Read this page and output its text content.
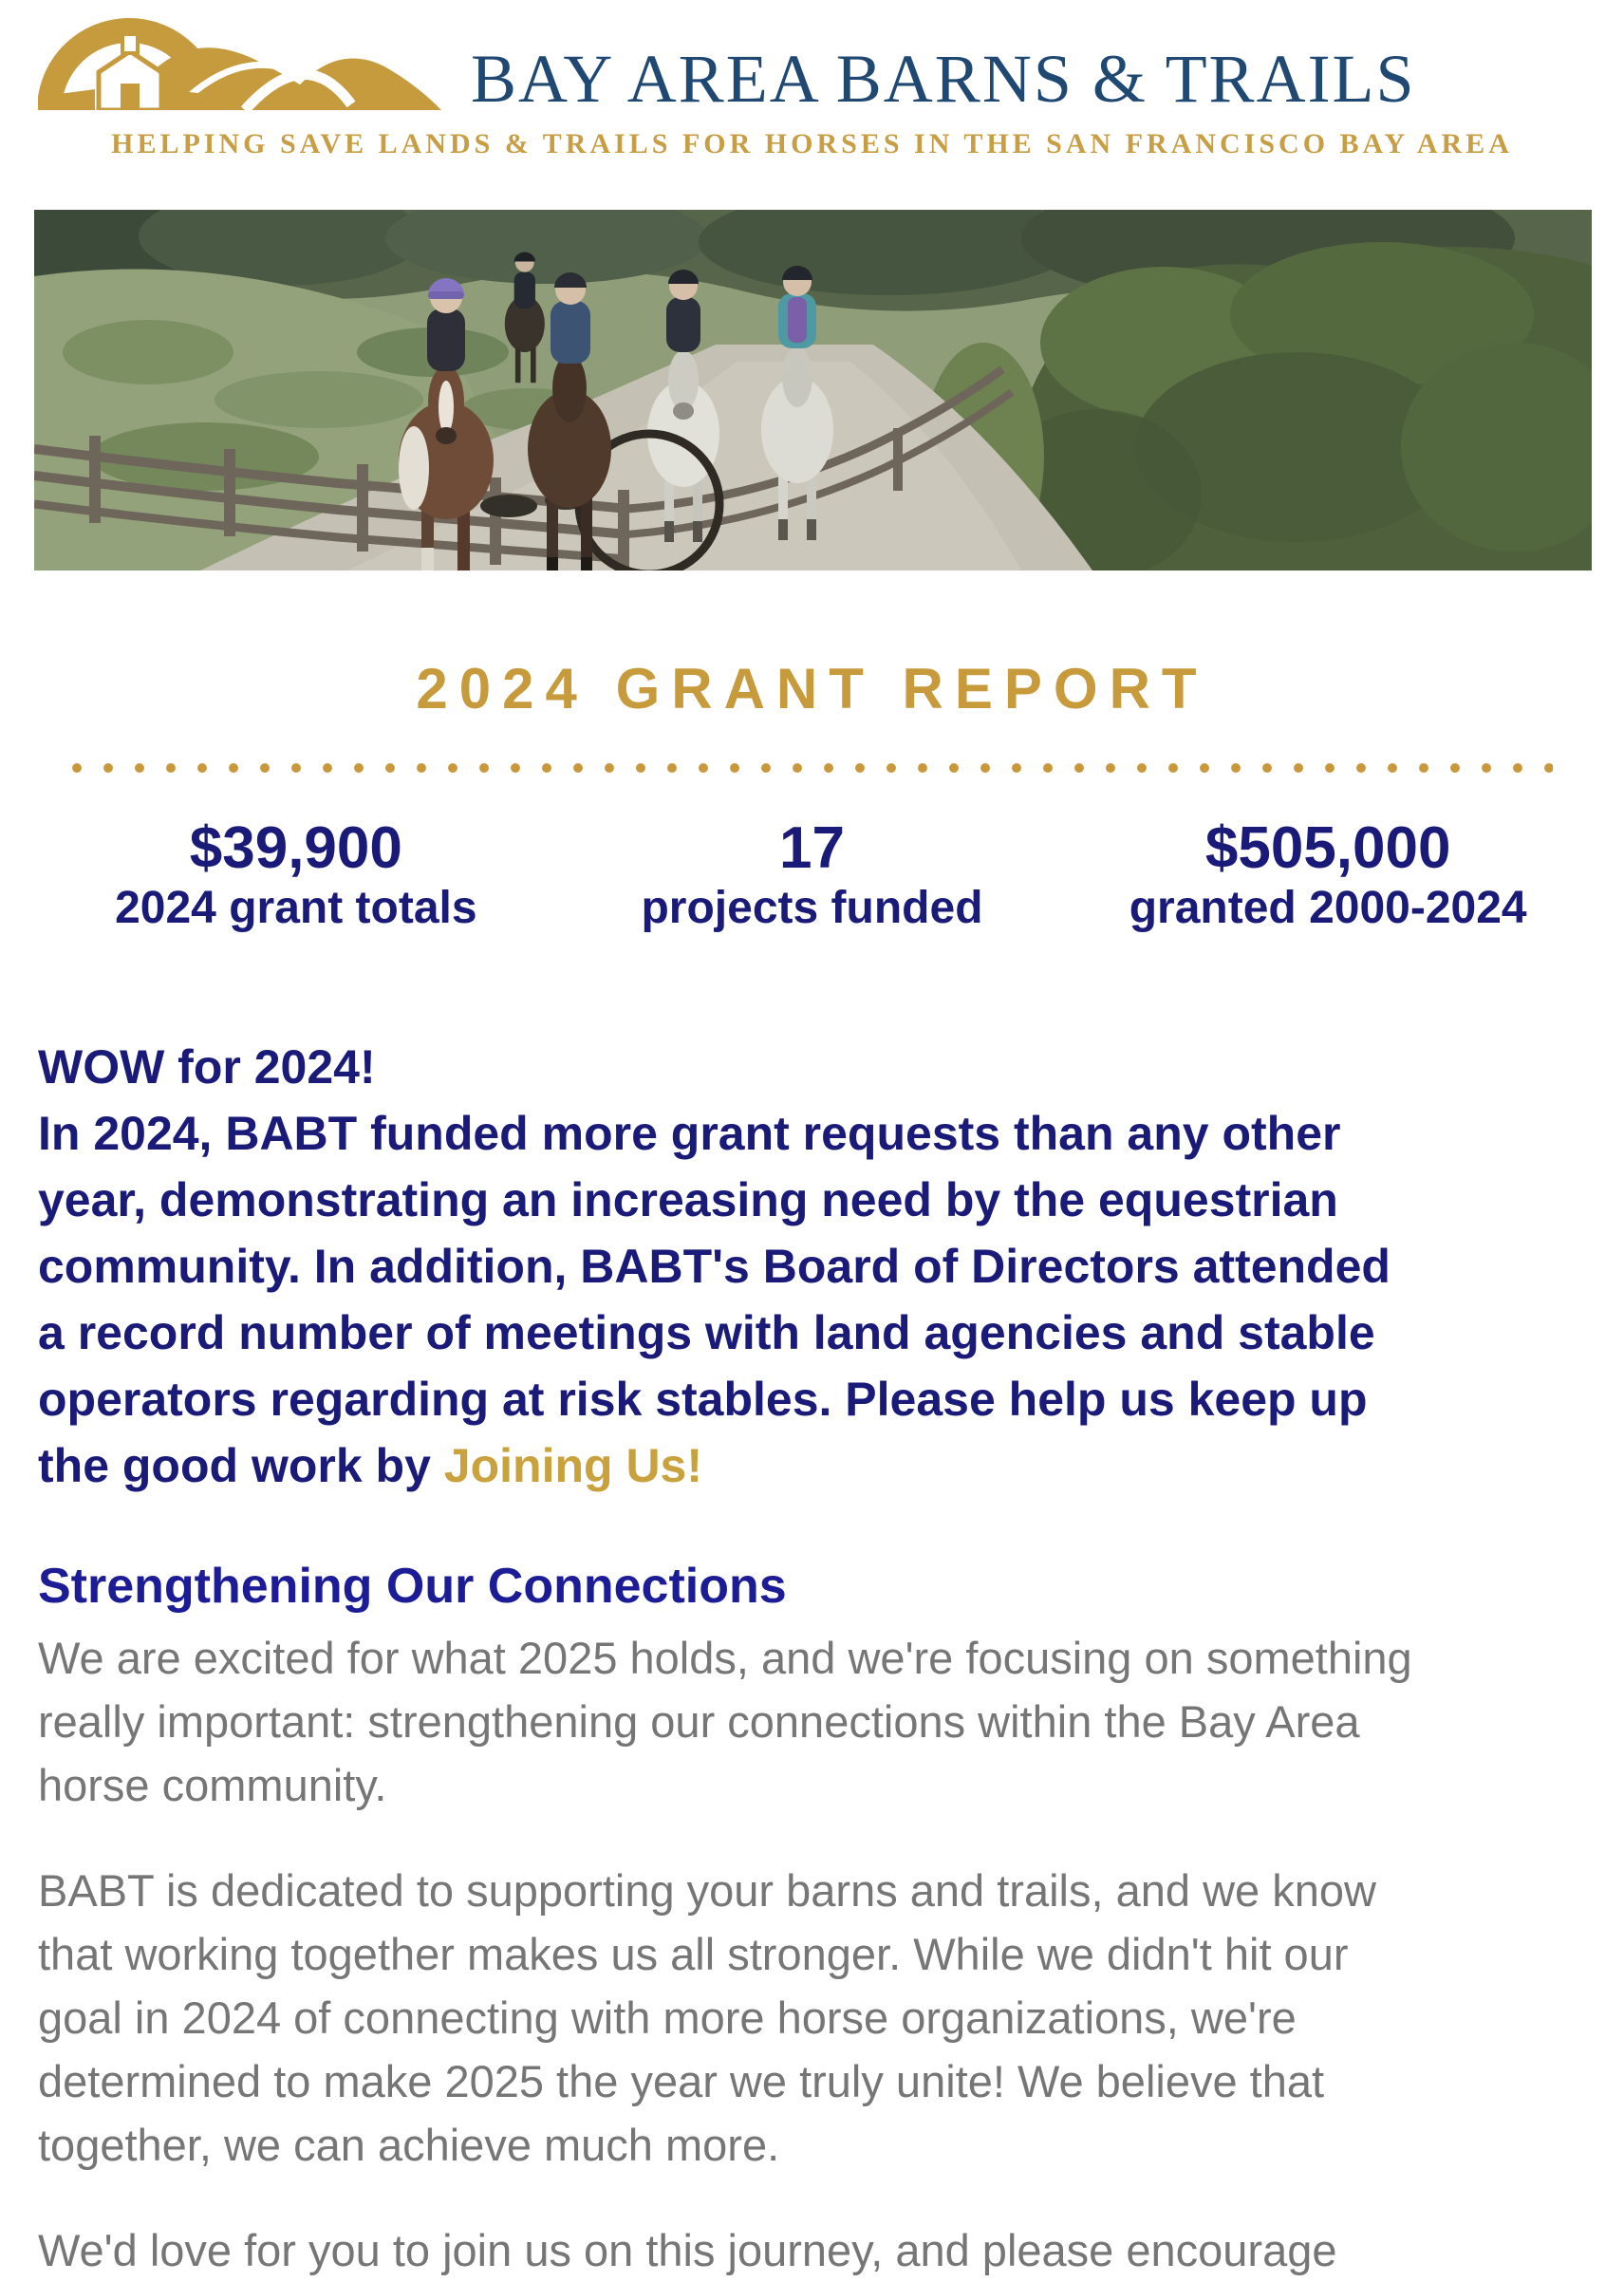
BAY AREA BARNS & TRAILS
HELPING SAVE LANDS & TRAILS FOR HORSES IN THE SAN FRANCISCO BAY AREA
2024 GRANT REPORT
$39,900
2024 grant totals
17
projects funded
$505,000
granted 2000-2024
WOW for 2024!
In 2024, BABT funded more grant requests than any other
year, demonstrating an increasing need by the equestrian
community. In addition, BABT's Board of Directors attended
a record number of meetings with land agencies and stable
operators regarding at risk stables. Please help us keep up
the good work by Joining Us!
Strengthening Our Connections
We are excited for what 2025 holds, and we're focusing on something
really important: strengthening our connections within the Bay Area
horse community.
BABT is dedicated to supporting your barns and trails, and we know
that working together makes us all stronger. While we didn't hit our
goal in 2024 of connecting with more horse organizations, we're
determined to make 2025 the year we truly unite! We believe that
together, we can achieve much more.
We'd love for you to join us on this journey, and please encourage
